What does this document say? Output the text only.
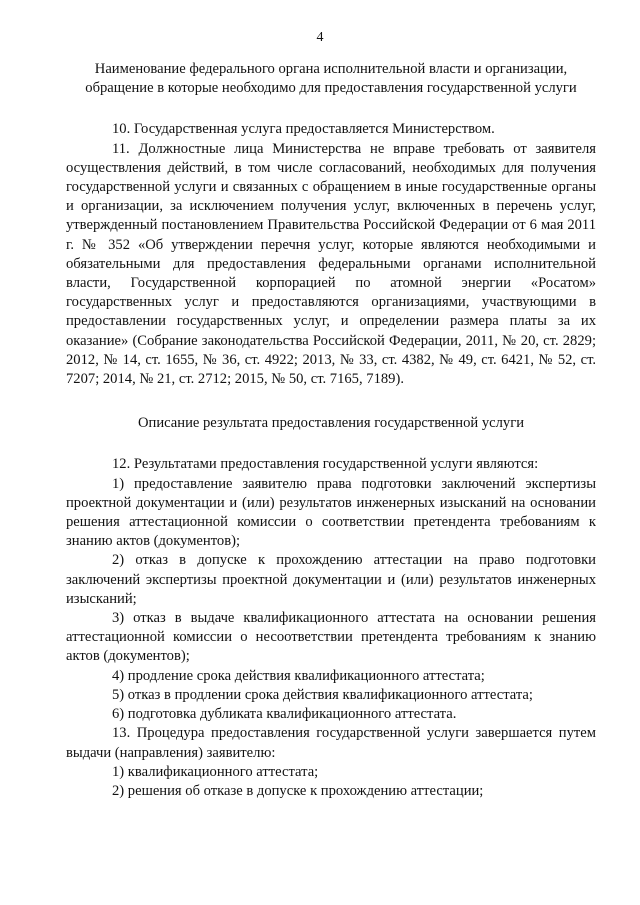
4
Наименование федерального органа исполнительной власти и организации,
обращение в которые необходимо для предоставления государственной услуги

10. Государственная услуга предоставляется Министерством.

11. Должностные лица Министерства не вправе требовать от заявителя осуществления действий, в том числе согласований, необходимых для получения государственной услуги и связанных с обращением в иные государственные органы и организации, за исключением получения услуг, включенных в перечень услуг, утвержденный постановлением Правительства Российской Федерации от 6 мая 2011 г. № 352 «Об утверждении перечня услуг, которые являются необходимыми и обязательными для предоставления федеральными органами исполнительной власти, Государственной корпорацией по атомной энергии «Росатом» государственных услуг и предоставляются организациями, участвующими в предоставлении государственных услуг, и определении размера платы за их оказание» (Собрание законодательства Российской Федерации, 2011, № 20, ст. 2829; 2012, № 14, ст. 1655, № 36, ст. 4922; 2013, № 33, ст. 4382, № 49, ст. 6421, № 52, ст. 7207; 2014, № 21, ст. 2712; 2015, № 50, ст. 7165, 7189).

Описание результата предоставления государственной услуги

12. Результатами предоставления государственной услуги являются:

1) предоставление заявителю права подготовки заключений экспертизы проектной документации и (или) результатов инженерных изысканий на основании решения аттестационной комиссии о соответствии претендента требованиям к знанию актов (документов);

2) отказ в допуске к прохождению аттестации на право подготовки заключений экспертизы проектной документации и (или) результатов инженерных изысканий;

3) отказ в выдаче квалификационного аттестата на основании решения аттестационной комиссии о несоответствии претендента требованиям к знанию актов (документов);

4) продление срока действия квалификационного аттестата;

5) отказ в продлении срока действия квалификационного аттестата;

6) подготовка дубликата квалификационного аттестата.

13. Процедура предоставления государственной услуги завершается путем выдачи (направления) заявителю:

1) квалификационного аттестата;

2) решения об отказе в допуске к прохождению аттестации;
